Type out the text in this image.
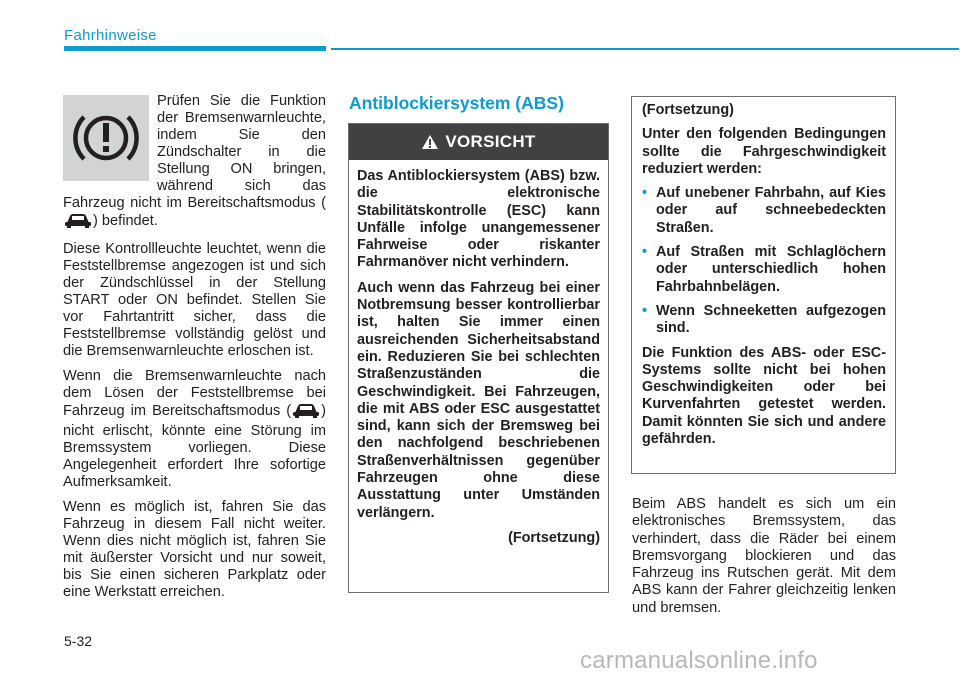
Fahrhinweise

Prüfen Sie die Funktion der Bremsenwarnleuchte, indem Sie den Zündschalter in die Stellung ON bringen, während sich das Fahrzeug nicht im Bereitschaftsmodus () befindet.

Diese Kontrollleuchte leuchtet, wenn die Feststellbremse angezogen ist und sich der Zündschlüssel in der Stellung START oder ON befindet. Stellen Sie vor Fahrtantritt sicher, dass die Feststellbremse vollständig gelöst und die Bremsenwarnleuchte erloschen ist.

Wenn die Bremsenwarnleuchte nach dem Lösen der Feststellbremse bei Fahrzeug im Bereitschaftsmodus ( ) nicht erlischt, könnte eine Störung im Bremssystem vorliegen. Diese Angelegenheit erfordert Ihre sofortige Aufmerksamkeit.

Wenn es möglich ist, fahren Sie das Fahrzeug in diesem Fall nicht weiter. Wenn dies nicht möglich ist, fahren Sie mit äußerster Vorsicht und nur soweit, bis Sie einen sicheren Parkplatz oder eine Werkstatt erreichen.

Antiblockiersystem (ABS)
VORSICHT

Das Antiblockiersystem (ABS) bzw. die elektronische Stabilitätskontrolle (ESC) kann Unfälle infolge unangemessener Fahrweise oder riskanter Fahrmanöver nicht verhindern.

Auch wenn das Fahrzeug bei einer Notbremsung besser kontrollierbar ist, halten Sie immer einen ausreichenden Sicherheitsabstand ein. Reduzieren Sie bei schlechten Straßenzuständen die Geschwindigkeit. Bei Fahrzeugen, die mit ABS oder ESC ausgestattet sind, kann sich der Bremsweg bei den nachfolgend beschriebenen Straßenverhältnissen gegenüber Fahrzeugen ohne diese Ausstattung unter Umständen verlängern.

(Fortsetzung)

(Fortsetzung)

Unter den folgenden Bedingungen sollte die Fahrgeschwindigkeit reduziert werden:

• Auf unebener Fahrbahn, auf Kies oder auf schneebedeckten Straßen.
• Auf Straßen mit Schlaglöchern oder unterschiedlich hohen Fahrbahnbelägen.
• Wenn Schneeketten aufgezogen sind.

Die Funktion des ABS- oder ESC-Systems sollte nicht bei hohen Geschwindigkeiten oder bei Kurvenfahrten getestet werden. Damit könnten Sie sich und andere gefährden.

Beim ABS handelt es sich um ein elektronisches Bremssystem, das verhindert, dass die Räder bei einem Bremsvorgang blockieren und das Fahrzeug ins Rutschen gerät. Mit dem ABS kann der Fahrer gleichzeitig lenken und bremsen.
5-32
carmanualsonline.info
